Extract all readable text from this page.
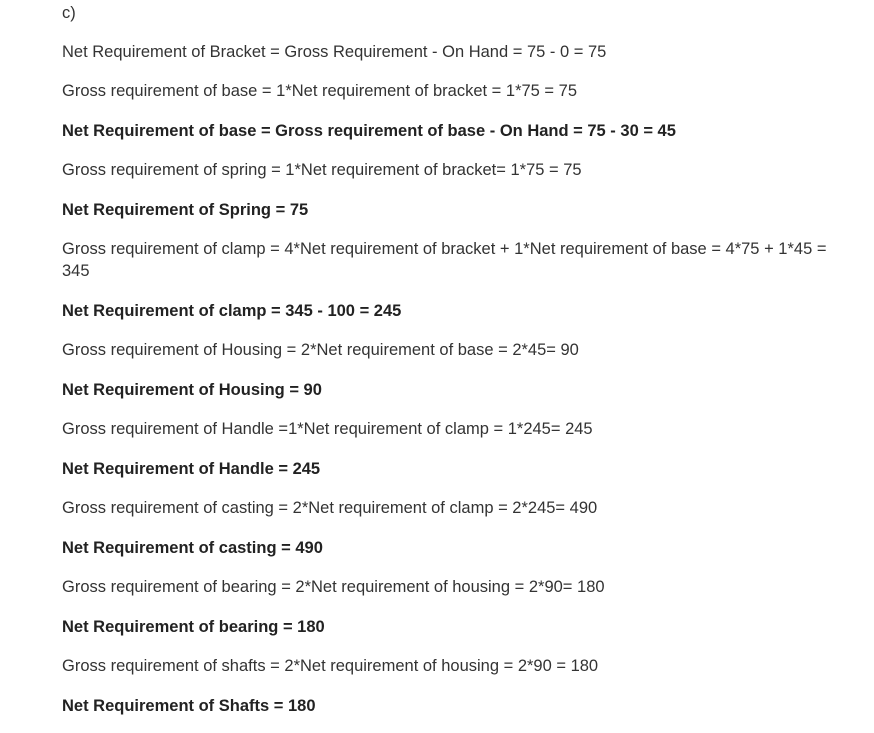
c)

Net Requirement of Bracket = Gross Requirement - On Hand = 75 - 0 = 75

Gross requirement of base = 1*Net requirement of bracket = 1*75 = 75

Net Requirement of base = Gross requirement of base - On Hand = 75 - 30 = 45

Gross requirement of spring = 1*Net requirement of bracket= 1*75 = 75

Net Requirement of Spring = 75

Gross requirement of clamp = 4*Net requirement of bracket + 1*Net requirement of base = 4*75 + 1*45 =
345

Net Requirement of clamp = 345 - 100 = 245

Gross requirement of Housing = 2*Net requirement of base = 2*45= 90

Net Requirement of Housing = 90

Gross requirement of Handle =1*Net requirement of clamp = 1*245= 245

Net Requirement of Handle = 245

Gross requirement of casting = 2*Net requirement of clamp = 2*245= 490

Net Requirement of casting = 490

Gross requirement of bearing = 2*Net requirement of housing = 2*90= 180

Net Requirement of bearing = 180

Gross requirement of shafts = 2*Net requirement of housing = 2*90 = 180

Net Requirement of Shafts = 180
